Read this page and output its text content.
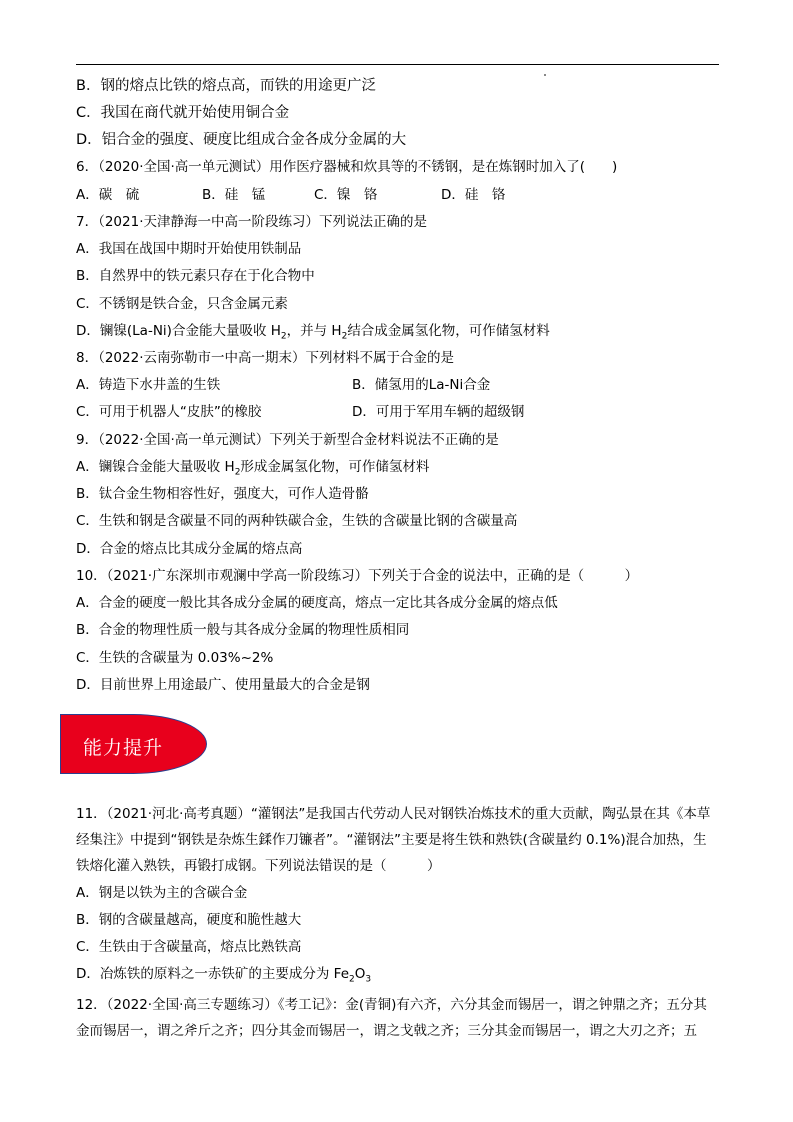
B．钢的熔点比铁的熔点高，而铁的用途更广泛
C．我国在商代就开始使用铜合金
D．铝合金的强度、硬度比组成合金各成分金属的大
6．（2020·全国·高一单元测试）用作医疗器械和炊具等的不锈钢，是在炼钢时加入了(　　)
A．碳　硫	B．硅　锰	C．镍　铬	D．硅　铬
7．（2021·天津静海一中高一阶段练习）下列说法正确的是
A．我国在战国中期时开始使用铁制品
B．自然界中的铁元素只存在于化合物中
C．不锈钢是铁合金，只含金属元素
D．镧镍(La-Ni)合金能大量吸收 $H_2$，并与 $H_2$结合成金属氢化物，可作储氢材料
8．（2022·云南弥勒市一中高一期末）下列材料不属于合金的是
A．铸造下水井盖的生铁	B．储氢用的La-Ni合金
C．可用于机器人“皮肤”的橡胶	D．可用于军用车辆的超级钢
9．（2022·全国·高一单元测试）下列关于新型合金材料说法不正确的是
A．镧镍合金能大量吸收 $H_2$形成金属氢化物，可作储氢材料
B．钛合金生物相容性好，强度大，可作人造骨骼
C．生铁和钢是含碳量不同的两种铁碳合金，生铁的含碳量比钢的含碳量高
D．合金的熔点比其成分金属的熔点高
10．（2021·广东深圳市观澜中学高一阶段练习）下列关于合金的说法中，正确的是（　　　）
A．合金的硬度一般比其各成分金属的硬度高，熔点一定比其各成分金属的熔点低
B．合金的物理性质一般与其各成分金属的物理性质相同
C．生铁的含碳量为 0.03%~2%
D．目前世界上用途最广、使用量最大的合金是钢
能力提升
11．（2021·河北·高考真题）“灌钢法”是我国古代劳动人民对钢铁冶炼技术的重大贡献，陶弘景在其《本草
经集注》中提到“钢铁是杂炼生鍒作刀镰者”。“灌钢法”主要是将生铁和熟铁(含碳量约 0.1%)混合加热，生
铁熔化灌入熟铁，再锻打成钢。下列说法错误的是（　　　）
A．钢是以铁为主的含碳合金
B．钢的含碳量越高，硬度和脆性越大
C．生铁由于含碳量高，熔点比熟铁高
D．冶炼铁的原料之一赤铁矿的主要成分为 $Fe_2O_3$
12．（2022·全国·高三专题练习）《考工记》：金(青铜)有六齐，六分其金而锡居一，谓之钟鼎之齐；五分其
金而锡居一，谓之斧斤之齐；四分其金而锡居一，谓之戈戟之齐；三分其金而锡居一，谓之大刃之齐；五
